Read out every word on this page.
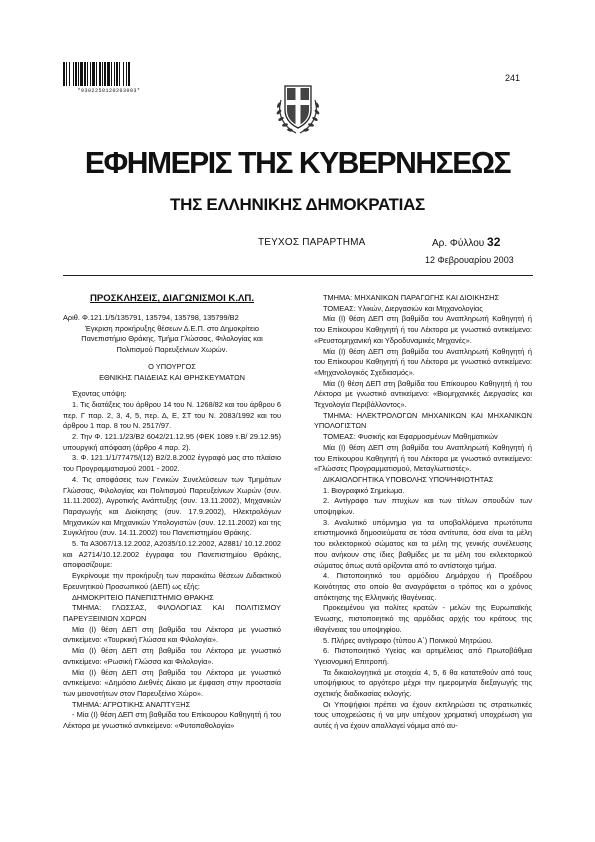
*0302250120203003*
241
ΕΦΗΜΕΡΙΣ ΤΗΣ ΚΥΒΕΡΝΗΣΕΩΣ
ΤΗΣ ΕΛΛΗΝΙΚΗΣ ΔΗΜΟΚΡΑΤΙΑΣ
ΤΕΥΧΟΣ ΠΑΡΑΡΤΗΜΑ	Αρ. Φύλλου 32
12 Φεβρουαρίου 2003

ΠΡΟΣΚΛΗΣΕΙΣ, ΔΙΑΓΩΝΙΣΜΟΙ Κ.ΛΠ.

Αριθ. Φ.121.1/5/135791, 135794, 135798, 135799/Β2

Έγκριση προκήρυξης θέσεων Δ.Ε.Π. στο Δημοκρίτειο Πανεπιστήμιο Θράκης. Τμήμα Γλώσσας, Φιλολογίας και Πολιτισμού Παρευξείνιων Χωρών.

Ο ΥΠΟΥΡΓΟΣ

ΕΘΝΙΚΗΣ ΠΑΙΔΕΙΑΣ ΚΑΙ ΘΡΗΣΚΕΥΜΑΤΩΝ

Έχοντας υπόψη:

1. Τις διατάξεις του άρθρου 14 του Ν. 1268/82 και του άρθρου 6 περ. Γ παρ. 2, 3, 4, 5, περ. Δ, Ε, ΣΤ του Ν. 2083/1992 και του άρθρου 1 παρ. 8 του Ν. 2517/97.

2. Την Φ. 121.1/23/Β2 6042/21.12.95 (ΦΕΚ 1089 τ.Β/ 29.12.95) υπουργική απόφαση (άρθρο 4 παρ. 2).

3. Φ. 121.1/1/77475/(12) Β2/2.8.2002 έγγραφό μας στο πλαίσιο του Προγραμματισμού 2001 - 2002.

4. Τις αποφάσεις των Γενικών Συνελεύσεων των Τμημάτων Γλώσσας, Φιλολογίας και Πολιτισμού Παρευξείνιων Χωρών (συν. 11.11.2002), Αγροτικής Ανάπτυξης (συν. 13.11.2002), Μηχανικών Παραγωγής και Διοίκησης (συν. 17.9.2002), Ηλεκτρολόγων Μηχανικών και Μηχανικών Υπολογιστών (συν. 12.11.2002) και της Συγκλήτου (συν. 14.11.2002) του Πανεπιστημίου Θράκης.

5. Τα Α3067/13.12.2002, Α2035/10.12.2002, Α2881/ 10.12.2002 και Α2714/10.12.2002 έγγραφα του Πανεπιστημίου Θράκης, αποφασίζουμε:

Εγκρίνουμε την προκήρυξη των παρακάτω θέσεων Διδακτικού Ερευνητικού Προσωπικού (ΔΕΠ) ως εξής:

ΔΗΜΟΚΡΙΤΕΙΟ ΠΑΝΕΠΙΣΤΗΜΙΟ ΘΡΑΚΗΣ

ΤΜΗΜΑ: ΓΛΩΣΣΑΣ, ΦΙΛΟΛΟΓΙΑΣ ΚΑΙ ΠΟΛΙΤΙΣΜΟΥ ΠΑΡΕΥΞΕΙΝΙΩΝ ΧΩΡΩΝ

Μία (Ι) θέση ΔΕΠ στη βαθμίδα του Λέκτορα με γνωστικό αντικείμενο: «Τουρκική Γλώσσα και Φιλολογία».

Μία (Ι) θέση ΔΕΠ στη βαθμίδα του Λέκτορα με γνωστικό αντικείμενο: «Ρωσική Γλώσσα και Φιλολογία».

Μία (Ι) θέση ΔΕΠ στη βαθμίδα του Λέκτορα με γνωστικό αντικείμενο: «Δημόσιο Διεθνές Δίκαιο με έμφαση στην προστασία των μειονοτήτων στον Παρευξείνιο Χώρο».

ΤΜΗΜΑ: ΑΓΡΟΤΙΚΗΣ ΑΝΑΠΤΥΞΗΣ

- Μία (Ι) θέση ΔΕΠ στη βαθμίδα του Επίκουρου Καθηγητή ή του Λέκτορα με γνωστικό αντικείμενο: «Φυτοπαθολογία»

ΤΜΗΜΑ: ΜΗΧΑΝΙΚΩΝ ΠΑΡΑΓΩΓΗΣ ΚΑΙ ΔΙΟΙΚΗΣΗΣ

ΤΟΜΕΑΣ: Υλικών, Διεργασιών και Μηχανολογίας

Μία (Ι) θέση ΔΕΠ στη βαθμίδα του Αναπληρωτή Καθηγητή ή του Επίκουρου Καθηγητή ή του Λέκτορα με γνωστικό αντικείμενο: «Ρευστομηχανική και Υδροδυναμικές Μηχανές».

Μία (Ι) θέση ΔΕΠ στη βαθμίδα του Αναπληρωτή Καθηγητή ή του Επίκουρου Καθηγητή ή του Λέκτορα με γνωστικό αντικείμενο: «Μηχανολογικός Σχεδιασμός».

Μία (Ι) θέση ΔΕΠ στη βαθμίδα του Επίκουρου Καθηγητή ή του Λέκτορα με γνωστικό αντικείμενο: «Βιομηχανικές Διεργασίες και Τεχνολογία Περιβάλλοντος».

ΤΜΗΜΑ: ΗΛΕΚΤΡΟΛΟΓΩΝ ΜΗΧΑΝΙΚΩΝ ΚΑΙ ΜΗΧΑΝΙΚΩΝ ΥΠΟΛΟΓΙΣΤΩΝ

ΤΟΜΕΑΣ: Φυσικής και Εφαρμοσμένων Μαθηματικών

Μία (Ι) θέση ΔΕΠ στη βαθμίδα του Αναπληρωτή Καθηγητή ή του Επίκουρου Καθηγητή ή του Λέκτορα με γνωστικό αντικείμενο: «Γλώσσες Προγραμματισμού, Μεταγλωττιστές».

ΔΙΚΑΙΟΛΟΓΗΤΙΚΑ ΥΠΟΒΟΛΗΣ ΥΠΟΨΗΦΙΟΤΗΤΑΣ

1. Βιογραφικό Σημείωμα.

2. Αντίγραφο των πτυχίων και των τίτλων σπουδών των υποψηφίων.

3. Αναλυτικό υπόμνημα για τα υποβαλλόμενα πρωτότυπα επιστημονικά δημοσιεύματα σε τόσα αντίτυπα, όσα είναι τα μέλη του εκλεκτορικού σώματος και τα μέλη της γενικής συνέλευσης που ανήκουν στις ίδιες βαθμίδες με τα μέλη του εκλεκτορικού σώματος όπως αυτά ορίζονται από το αντίστοιχο τμήμα.

4. Πιστοποιητικό του αρμόδιου Δημάρχου ή Προέδρου Κοινότητας στο οποίο θα αναγράφεται ο τρόπος και ο χρόνος απόκτησης της Ελληνικής Ιθαγένειας.

Προκειμένου για πολίτες κρατών - μελών της Ευρωπαϊκής Ένωσης, πιστοποιητικό της αρμόδιας αρχής του κράτους της ιθαγένειας του υποψηφίου.

5. Πλήρες αντίγραφο (τύπου Α΄) Ποινικού Μητρώου.

6. Πιστοποιητικό Υγείας και αρτιμέλειας από Πρωτοβάθμια Υγειονομική Επιτροπή.

Τα δικαιολογητικά με στοιχεία 4, 5, 6 θα κατατεθούν από τους υποψήφιους το αργότερο μέχρι την ημερομηνία διεξαγωγής της σχετικής διαδικασίας εκλογής.

Οι Υποψήφιοι πρέπει να έχουν εκπληρώσει τις στρατιωτικές τους υποχρεώσεις ή να μην υπέχουν χρηματική υποχρέωση για αυτές ή να έχουν απαλλαγεί νόμιμα από αυ-
